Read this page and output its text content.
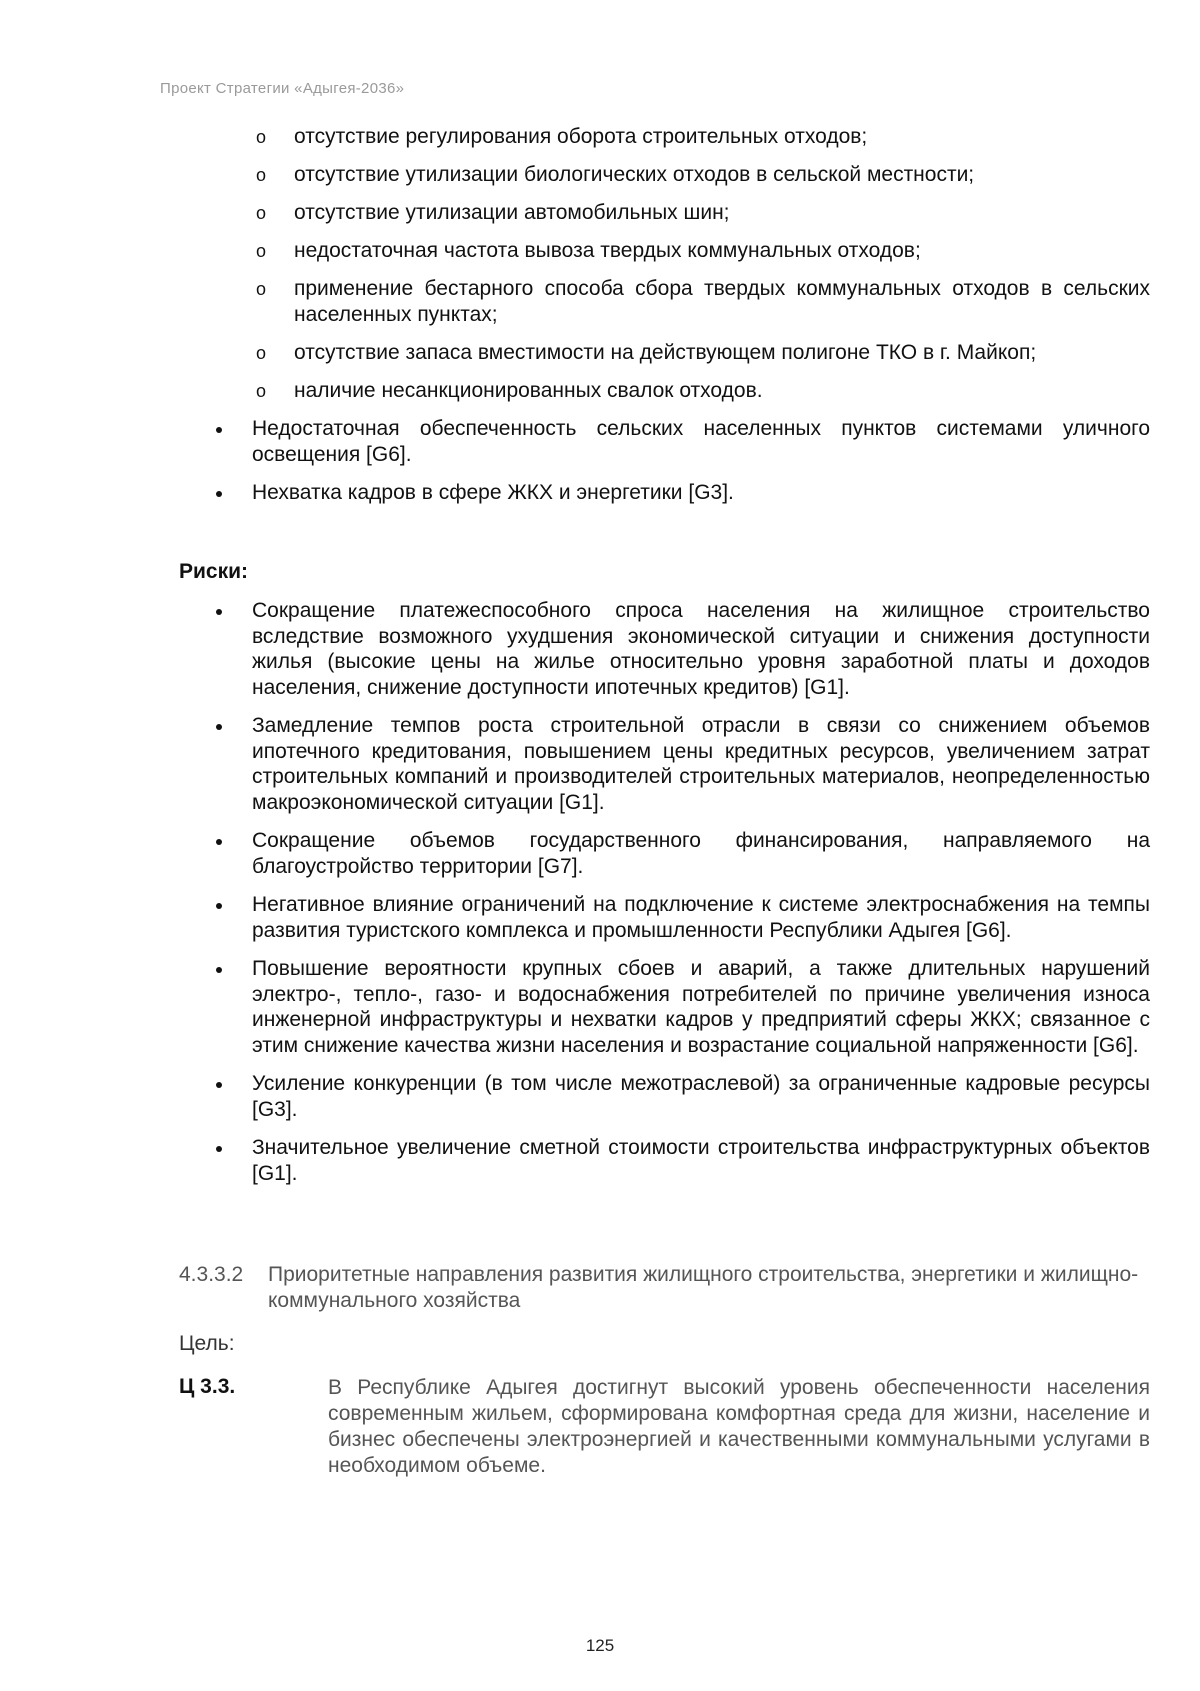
Проект Стратегии «Адыгея-2036»
o отсутствие регулирования оборота строительных отходов;
o отсутствие утилизации биологических отходов в сельской местности;
o отсутствие утилизации автомобильных шин;
o недостаточная частота вывоза твердых коммунальных отходов;
o применение бестарного способа сбора твердых коммунальных отходов в сельских населенных пунктах;
o отсутствие запаса вместимости на действующем полигоне ТКО в г. Майкоп;
o наличие несанкционированных свалок отходов.
Недостаточная обеспеченность сельских населенных пунктов системами уличного освещения [G6].
Нехватка кадров в сфере ЖКХ и энергетики [G3].
Риски:
Сокращение платежеспособного спроса населения на жилищное строительство вследствие возможного ухудшения экономической ситуации и снижения доступности жилья (высокие цены на жилье относительно уровня заработной платы и доходов населения, снижение доступности ипотечных кредитов) [G1].
Замедление темпов роста строительной отрасли в связи со снижением объемов ипотечного кредитования, повышением цены кредитных ресурсов, увеличением затрат строительных компаний и производителей строительных материалов, неопределенностью макроэкономической ситуации [G1].
Сокращение объемов государственного финансирования, направляемого на благоустройство территории [G7].
Негативное влияние ограничений на подключение к системе электроснабжения на темпы развития туристского комплекса и промышленности Республики Адыгея [G6].
Повышение вероятности крупных сбоев и аварий, а также длительных нарушений электро-, тепло-, газо- и водоснабжения потребителей по причине увеличения износа инженерной инфраструктуры и нехватки кадров у предприятий сферы ЖКХ; связанное с этим снижение качества жизни населения и возрастание социальной напряженности [G6].
Усиление конкуренции (в том числе межотраслевой) за ограниченные кадровые ресурсы [G3].
Значительное увеличение сметной стоимости строительства инфраструктурных объектов [G1].
4.3.3.2 Приоритетные направления развития жилищного строительства, энергетики и жилищно-коммунального хозяйства
Цель:
Ц 3.3.	В Республике Адыгея достигнут высокий уровень обеспеченности населения современным жильем, сформирована комфортная среда для жизни, население и бизнес обеспечены электроэнергией и качественными коммунальными услугами в необходимом объеме.
125
